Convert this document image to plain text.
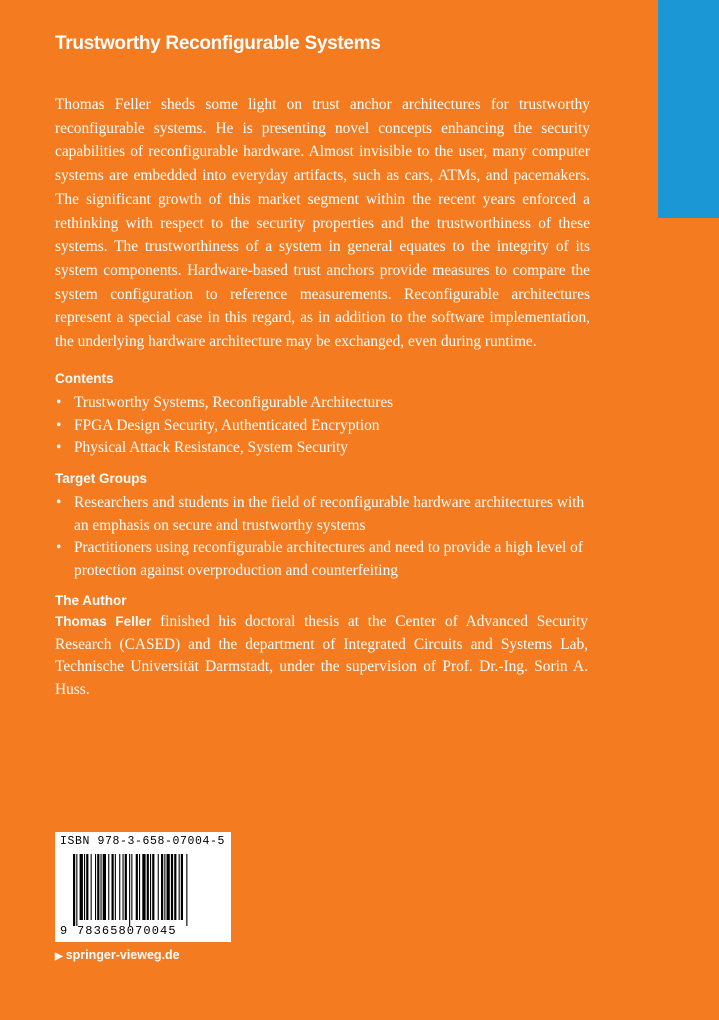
Trustworthy Reconfigurable Systems

Thomas Feller sheds some light on trust anchor architectures for trustworthy reconfigurable systems. He is presenting novel concepts enhancing the security capabilities of reconfigurable hardware. Almost invisible to the user, many computer systems are embedded into everyday artifacts, such as cars, ATMs, and pacemakers. The significant growth of this market segment within the recent years enforced a rethinking with respect to the security properties and the trustworthiness of these systems. The trustworthiness of a system in general equates to the integrity of its system components. Hardware-based trust anchors provide measures to compare the system configuration to reference measurements. Reconfigurable architectures represent a special case in this regard, as in addition to the software implementation, the underlying hardware architecture may be exchanged, even during runtime.

Contents
• Trustworthy Systems, Reconfigurable Architectures
• FPGA Design Security, Authenticated Encryption
• Physical Attack Resistance, System Security
Target Groups
• Researchers and students in the field of reconfigurable hardware architectures with an emphasis on secure and trustworthy systems
• Practitioners using reconfigurable architectures and need to provide a high level of protection against overproduction and counterfeiting
The Author

Thomas Feller finished his doctoral thesis at the Center of Advanced Security Research (CASED) and the department of Integrated Circuits and Systems Lab, Technische Universität Darmstadt, under the supervision of Prof. Dr.-Ing. Sorin A. Huss.

ISBN 978-3-658-07004-5
9 783658070045
▶ springer-vieweg.de
